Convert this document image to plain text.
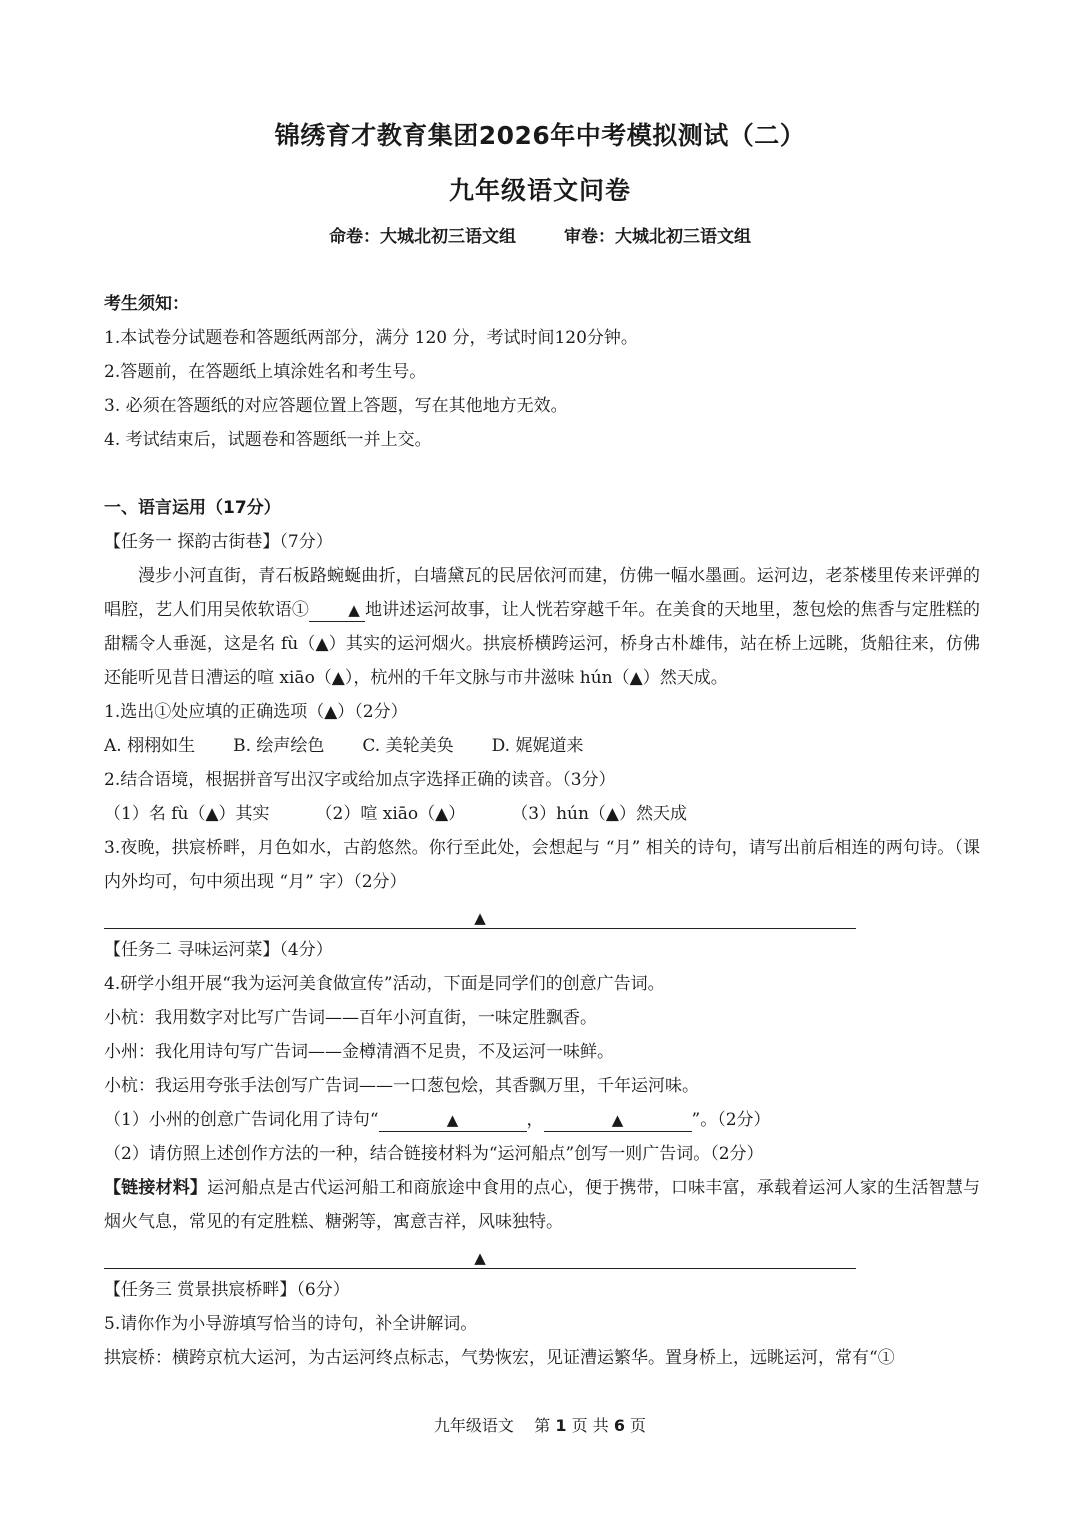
锦绣育才教育集团2026年中考模拟测试（二）
九年级语文问卷
命卷：大城北初三语文组	审卷：大城北初三语文组
考生须知：
1.本试卷分试题卷和答题纸两部分，满分 120 分，考试时间120分钟。
2.答题前，在答题纸上填涂姓名和考生号。
3. 必须在答题纸的对应答题位置上答题，写在其他地方无效。
4. 考试结束后，试题卷和答题纸一并上交。
一、语言运用（17分）
【任务一 探韵古街巷】（7分）
漫步小河直街，青石板路蜿蜒曲折，白墙黛瓦的民居依河而建，仿佛一幅水墨画。运河边，老茶楼里传来评弹的唱腔，艺人们用吴侬软语①	▲ 地讲述运河故事，让人恍若穿越千年。在美食的天地里，葱包烩的焦香与定胜糕的甜糯令人垂涎，这是名 fù（▲）其实的运河烟火。拱宸桥横跨运河，桥身古朴雄伟，站在桥上远眺，货船往来，仿佛还能听见昔日漕运的喧 xiāo（▲），杭州的千年文脉与市井滋味 hún（▲）然天成。
1.选出①处应填的正确选项（▲）（2分）
A. 栩栩如生 B. 绘声绘色 C. 美轮美奂 D. 娓娓道来
2.结合语境，根据拼音写出汉字或给加点字选择正确的读音。（3分）
（1）名 fù（▲）其实	（2）喧 xiāo（▲）	（3）hún（▲）然天成
3.夜晚，拱宸桥畔，月色如水，古韵悠然。你行至此处，会想起与 “月” 相关的诗句，请写出前后相连的两句诗。（课内外均可，句中须出现 “月” 字）（2分）
▲
【任务二 寻味运河菜】（4分）
4.研学小组开展“我为运河美食做宣传”活动，下面是同学们的创意广告词。
小杭：我用数字对比写广告词——百年小河直街，一味定胜飘香。
小州：我化用诗句写广告词——金樽清酒不足贵，不及运河一味鲜。
小杭：我运用夸张手法创写广告词——一口葱包烩，其香飘万里，千年运河味。
（1）小州的创意广告词化用了诗句“	▲	，	▲	”。（2分）
（2）请仿照上述创作方法的一种，结合链接材料为“运河船点”创写一则广告词。（2分）
【链接材料】运河船点是古代运河船工和商旅途中食用的点心，便于携带，口味丰富，承载着运河人家的生活智慧与烟火气息，常见的有定胜糕、糖粥等，寓意吉祥，风味独特。
▲
【任务三 赏景拱宸桥畔】（6分）
5.请你作为小导游填写恰当的诗句，补全讲解词。
拱宸桥：横跨京杭大运河，为古运河终点标志，气势恢宏，见证漕运繁华。置身桥上，远眺运河，常有“①
九年级语文 第 1 页 共 6 页
